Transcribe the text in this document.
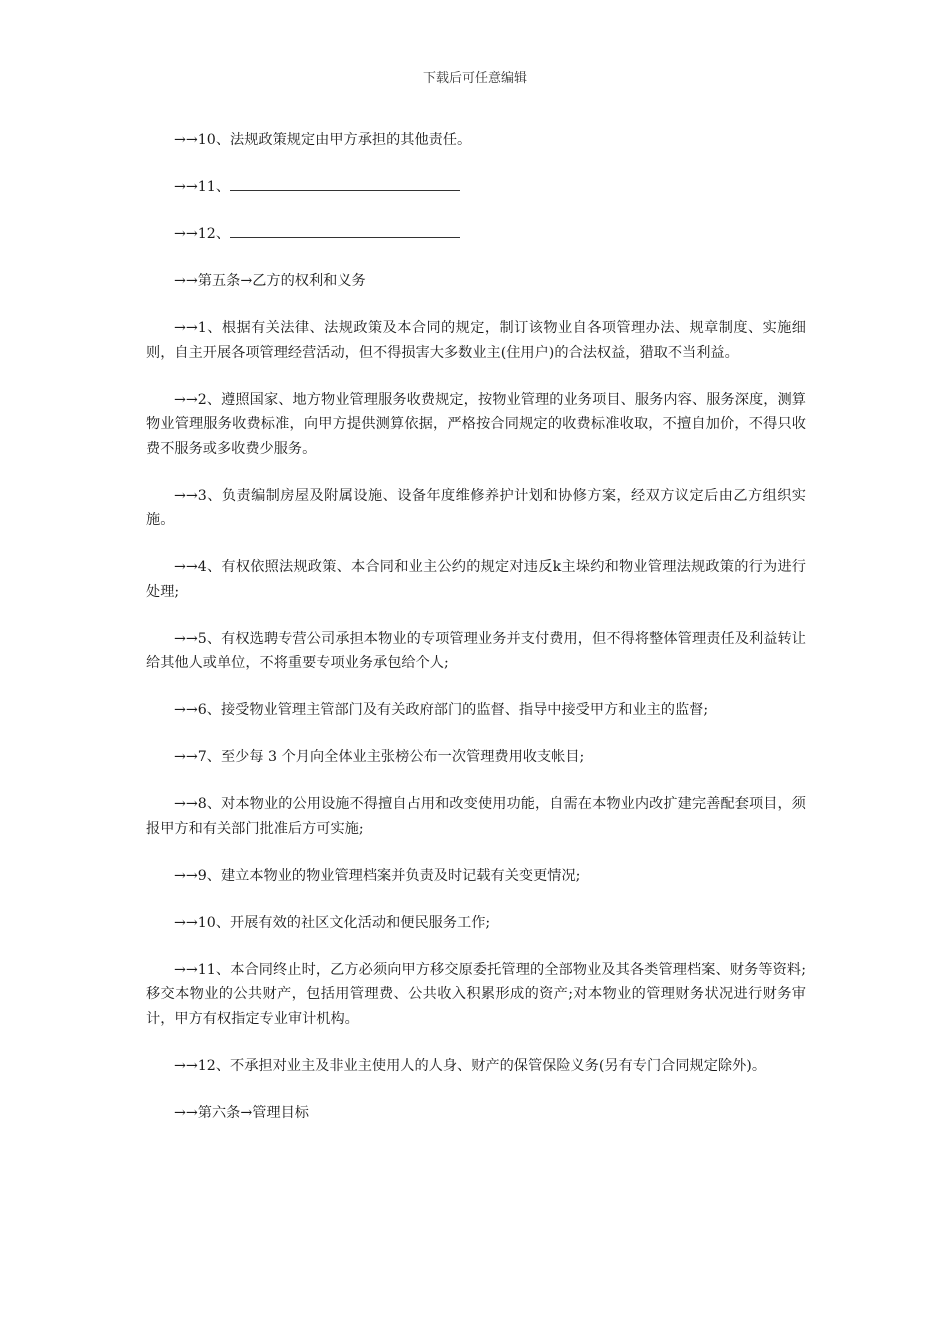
下载后可任意编辑

→→10、法规政策规定由甲方承担的其他责任。

→→11、

→→12、

→→第五条→乙方的权利和义务

→→1、根据有关法律、法规政策及本合同的规定，制订该物业自各项管理办法、规章制度、实施细则，自主开展各项管理经营活动，但不得损害大多数业主(住用户)的合法权益，猎取不当利益。

→→2、遵照国家、地方物业管理服务收费规定，按物业管理的业务项目、服务内容、服务深度，测算物业管理服务收费标准，向甲方提供测算依据，严格按合同规定的收费标准收取，不擅自加价，不得只收费不服务或多收费少服务。

→→3、负责编制房屋及附属设施、设备年度维修养护计划和协修方案，经双方议定后由乙方组织实施。

→→4、有权依照法规政策、本合同和业主公约的规定对违反k主垛约和物业管理法规政策的行为进行处理;

→→5、有权选聘专营公司承担本物业的专项管理业务并支付费用，但不得将整体管理责任及利益转让给其他人或单位，不将重要专项业务承包给个人;

→→6、接受物业管理主管部门及有关政府部门的监督、指导中接受甲方和业主的监督;

→→7、至少每 3 个月向全体业主张榜公布一次管理费用收支帐目;

→→8、对本物业的公用设施不得擅自占用和改变使用功能，自需在本物业内改扩建完善配套项目，须报甲方和有关部门批准后方可实施;

→→9、建立本物业的物业管理档案并负责及时记载有关变更情况;

→→10、开展有效的社区文化活动和便民服务工作;

→→11、本合同终止时，乙方必须向甲方移交原委托管理的全部物业及其各类管理档案、财务等资料;移交本物业的公共财产，包括用管理费、公共收入积累形成的资产;对本物业的管理财务状况进行财务审计，甲方有权指定专业审计机构。

→→12、不承担对业主及非业主使用人的人身、财产的保管保险义务(另有专门合同规定除外)。

→→第六条→管理目标
